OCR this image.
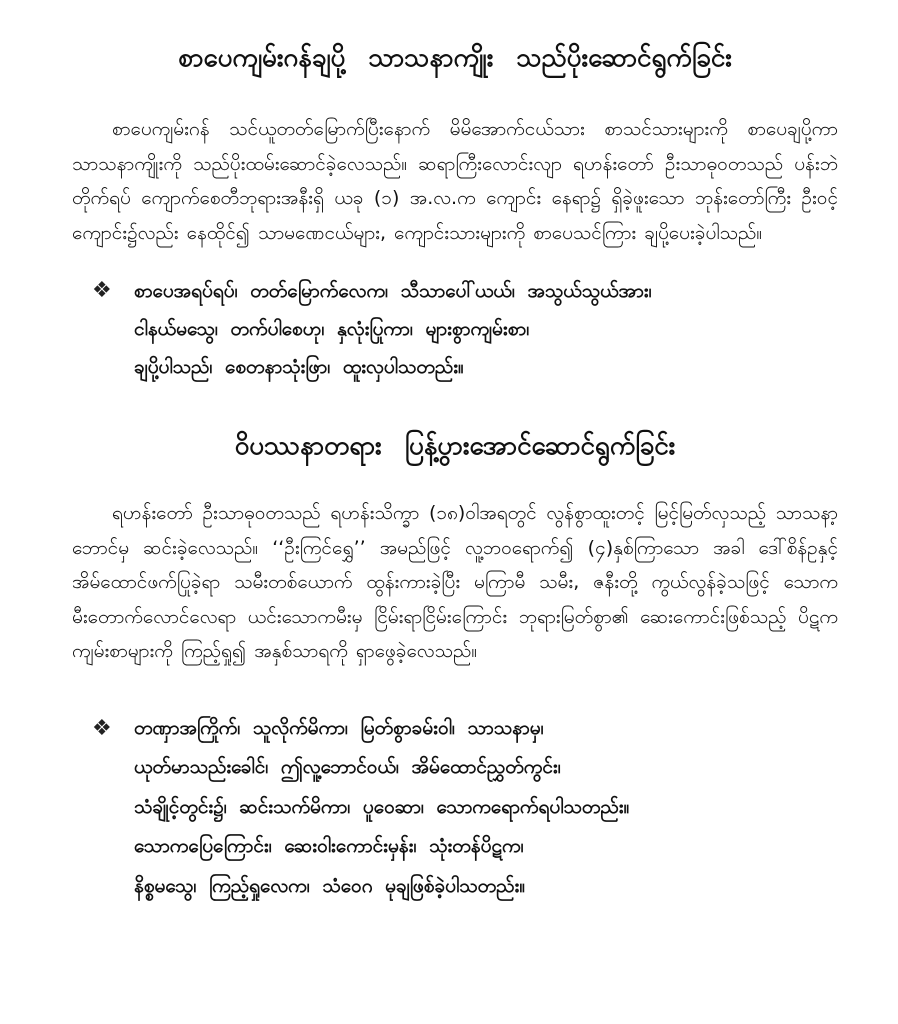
စာပေကျမ်းဂန်ချပို့ သာသနာကျိုး သည်ပိုးဆောင်ရွက်ခြင်း

စာပေကျမ်းဂန် သင်ယူတတ်မြောက်ပြီးနောက် မိမိအောက်ငယ်သား စာသင်သားများကို စာပေချပို့ကာ သာသနာကျိုးကို သည်ပိုးထမ်းဆောင်ခဲ့လေသည်။ ဆရာကြီးလောင်းလျာ ရဟန်းတော် ဦးသာဓုဝတသည် ပန်းဘဲတိုက်ရပ် ကျောက်စေတီဘုရားအနီးရှိ ယခု (၁) အ.လ.က ကျောင်း နေရာ၌ ရှိခဲ့ဖူးသော ဘုန်းတော်ကြီး ဦးဝင့်ကျောင်း၌လည်း နေထိုင်၍ သာမဏေငယ်များ, ကျောင်းသားများကို စာပေသင်ကြား ချပို့ပေးခဲ့ပါသည်။

❖ စာပေအရပ်ရပ်၊ တတ်မြောက်လေက၊ သီသာပေါ်ယယ်၊ အသွယ်သွယ်အား၊
ငါနယ်မသွေ၊ တက်ပါစေဟု၊ နှလုံးပြုကာ၊ များစွာကျမ်းစာ၊
ချပို့ပါသည်၊ စေတနာသုံးဖြာ၊ ထူးလှပါသတည်း။
ဝိပဿနာတရား ပြန့်ပွားအောင်ဆောင်ရွက်ခြင်း

ရဟန်းတော် ဦးသာဓုဝတသည် ရဟန်းသိက္ခာ (၁၈)ဝါအရတွင် လွန်စွာထူးတင့် မြင့်မြတ်လှသည့် သာသနာ့ဘောင်မှ ဆင်းခဲ့လေသည်။ ‘‘ဦးကြင်ရွှေ’’ အမည်ဖြင့် လူ့ဘဝရောက်၍ (၄)နှစ်ကြာသော အခါ ဒေါ်စိန်ဥနှင့် အိမ်ထောင်ဖက်ပြုခဲ့ရာ သမီးတစ်ယောက် ထွန်းကားခဲ့ပြီး မကြာမီ သမီး, ဇနီးတို့ ကွယ်လွန်ခဲ့သဖြင့် သောကမီးတောက်လောင်လေရာ ယင်းသောကမီးမှ ငြိမ်းရာငြိမ်းကြောင်း ဘုရားမြတ်စွာ၏ ဆေးကောင်းဖြစ်သည့် ပိဋကကျမ်းစာများကို ကြည့်ရှု၍ အနှစ်သာရကို ရှာဖွေခဲ့လေသည်။

❖ တဏှာအကြိုက်၊ သူလိုက်မိကာ၊ မြတ်စွာခမ်းဝါ၊ သာသနာမှ၊
ယုတ်မာသည်းခေါင်၊ ဤလူ့ဘောင်ဝယ်၊ အိမ်ထောင်ညွှတ်ကွင်း၊
သံချိုင့်တွင်း၌၊ ဆင်းသက်မိကာ၊ ပူဝေဆာ၊ သောကရောက်ရပါသတည်း။
သောကပြေကြောင်း၊ ဆေးဝါးကောင်းမှန်း၊ သုံးတန်ပိဋက၊
နိစ္စမသွေ၊ ကြည့်ရှုလေက၊ သံဝေဂ မုချဖြစ်ခဲ့ပါသတည်း။
